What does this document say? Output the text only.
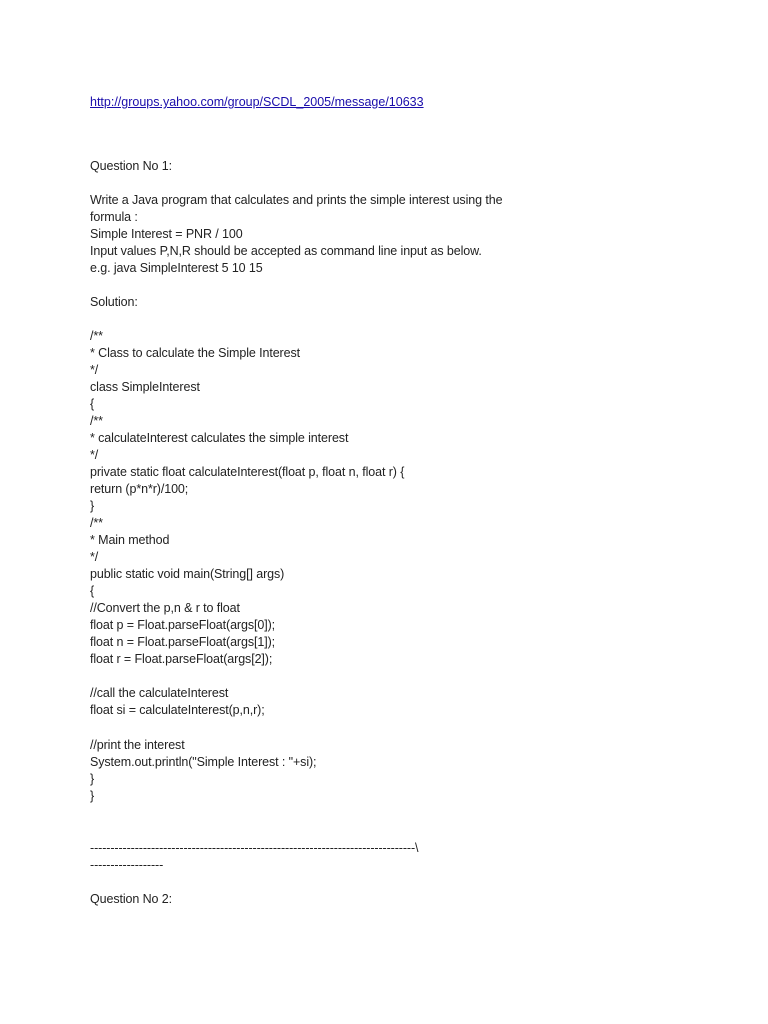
http://groups.yahoo.com/group/SCDL_2005/message/10633
Question No 1:
Write a Java program that calculates and prints the simple interest using the
formula :
Simple Interest = PNR / 100
Input values P,N,R should be accepted as command line input as below.
e.g. java SimpleInterest 5 10 15
Solution:
/**
* Class to calculate the Simple Interest
*/
class SimpleInterest
{
/**
* calculateInterest calculates the simple interest
*/
private static float calculateInterest(float p, float n, float r) {
return (p*n*r)/100;
}
/**
* Main method
*/
public static void main(String[] args)
{
//Convert the p,n & r to float
float p = Float.parseFloat(args[0]);
float n = Float.parseFloat(args[1]);
float r = Float.parseFloat(args[2]);
//call the calculateInterest
float si = calculateInterest(p,n,r);
//print the interest
System.out.println("Simple Interest : "+si);
}
}
--------------------------------------------------------------------------------\
------------------
Question No 2:
